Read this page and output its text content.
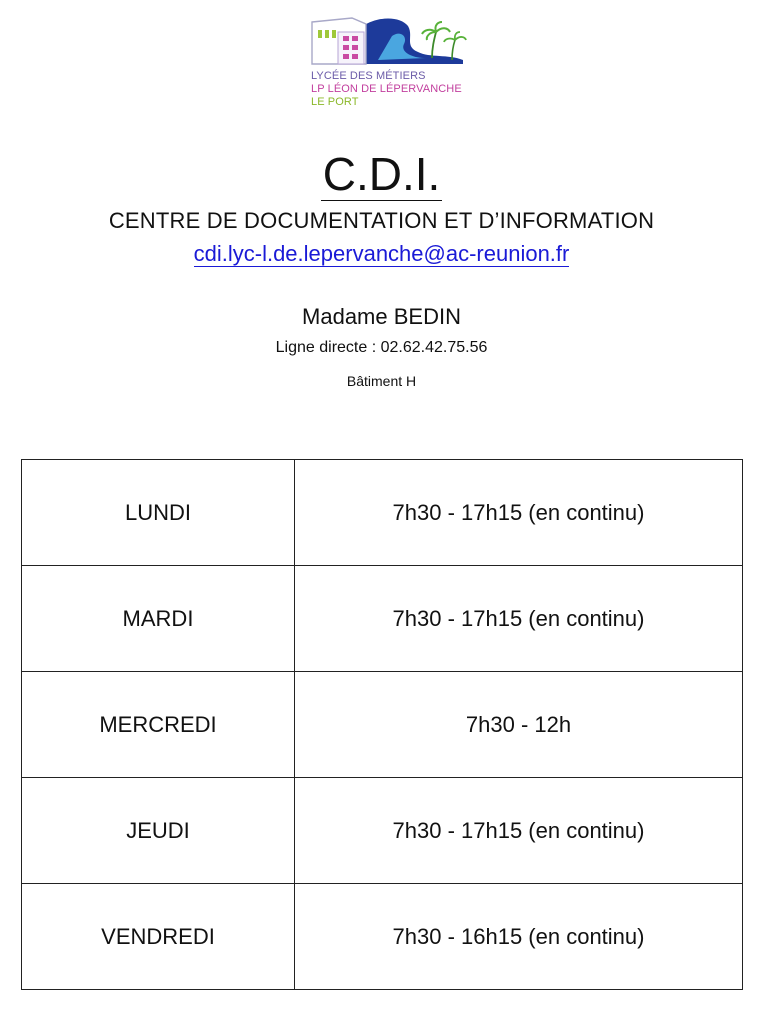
LYCÉE DES MÉTIERS
LP LÉON DE LÉPERVANCHE
LE PORT
C.D.I.
CENTRE DE DOCUMENTATION ET D’INFORMATION
cdi.lyc-l.de.lepervanche@ac-reunion.fr
Madame BEDIN
Ligne directe : 02.62.42.75.56
Bâtiment H
LUNDI	7h30 - 17h15 (en continu)
MARDI	7h30 - 17h15 (en continu)
MERCREDI	7h30 - 12h
JEUDI	7h30 - 17h15 (en continu)
VENDREDI	7h30 - 16h15 (en continu)
